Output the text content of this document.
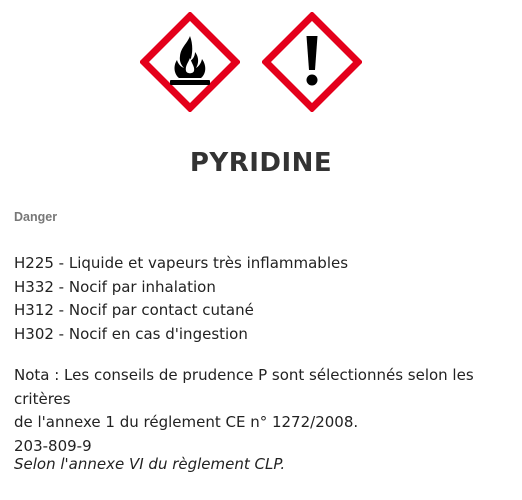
PYRIDINE
Danger
H225 - Liquide et vapeurs très inflammables
H332 - Nocif par inhalation
H312 - Nocif par contact cutané
H302 - Nocif en cas d'ingestion
Nota : Les conseils de prudence P sont sélectionnés selon les critères
de l'annexe 1 du réglement CE n° 1272/2008.
203-809-9
Selon l'annexe VI du règlement CLP.
